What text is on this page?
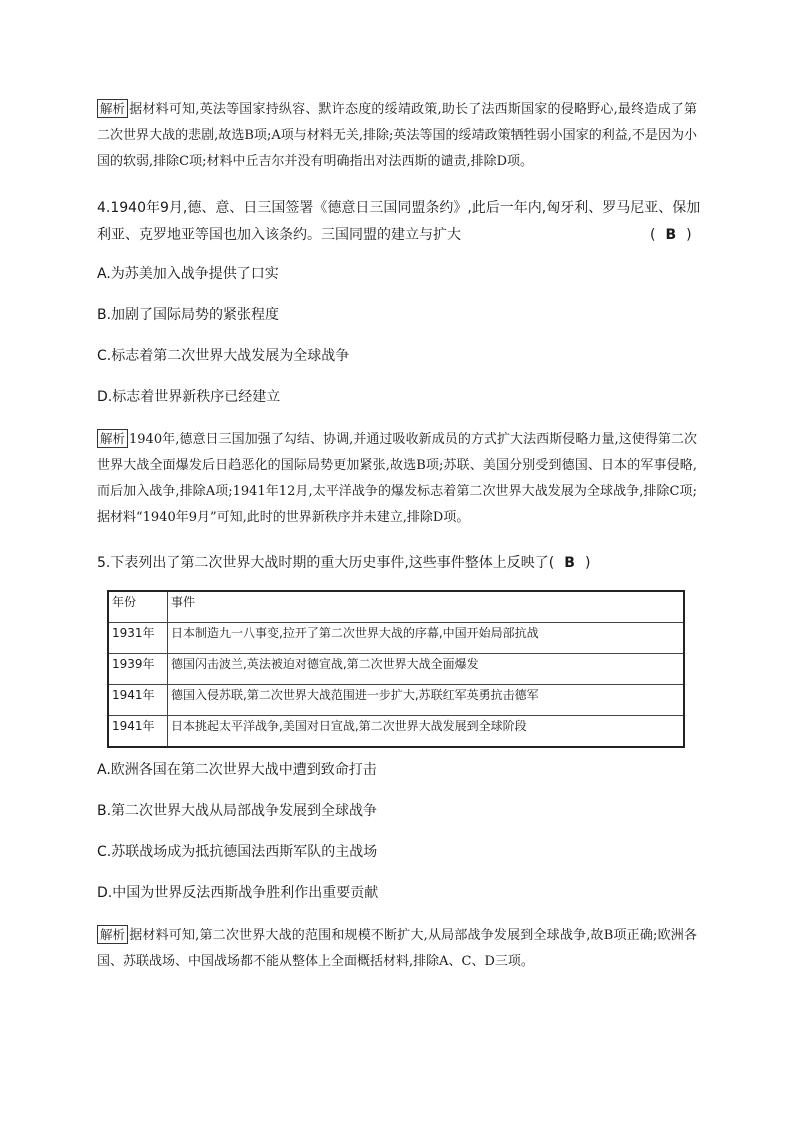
解析 据材料可知,英法等国家持纵容、默许态度的绥靖政策,助长了法西斯国家的侵略野心,最终造成了第二次世界大战的悲剧,故选B项;A项与材料无关,排除;英法等国的绥靖政策牺牲弱小国家的利益,不是因为小国的软弱,排除C项;材料中丘吉尔并没有明确指出对法西斯的谴责,排除D项。
4.1940年9月,德、意、日三国签署《德意日三国同盟条约》,此后一年内,匈牙利、罗马尼亚、保加利亚、克罗地亚等国也加入该条约。三国同盟的建立与扩大	( B )
A.为苏美加入战争提供了口实
B.加剧了国际局势的紧张程度
C.标志着第二次世界大战发展为全球战争
D.标志着世界新秩序已经建立
解析 1940年,德意日三国加强了勾结、协调,并通过吸收新成员的方式扩大法西斯侵略力量,这使得第二次世界大战全面爆发后日趋恶化的国际局势更加紧张,故选B项;苏联、美国分别受到德国、日本的军事侵略,而后加入战争,排除A项;1941年12月,太平洋战争的爆发标志着第二次世界大战发展为全球战争,排除C项;据材料“1940年9月”可知,此时的世界新秩序并未建立,排除D项。
5.下表列出了第二次世界大战时期的重大历史事件,这些事件整体上反映了( B )
年份	事件
1931年	日本制造九一八事变,拉开了第二次世界大战的序幕,中国开始局部抗战
1939年	德国闪击波兰,英法被迫对德宣战,第二次世界大战全面爆发
1941年	德国入侵苏联,第二次世界大战范围进一步扩大,苏联红军英勇抗击德军
1941年	日本挑起太平洋战争,美国对日宣战,第二次世界大战发展到全球阶段
A.欧洲各国在第二次世界大战中遭到致命打击
B.第二次世界大战从局部战争发展到全球战争
C.苏联战场成为抵抗德国法西斯军队的主战场
D.中国为世界反法西斯战争胜利作出重要贡献
解析 据材料可知,第二次世界大战的范围和规模不断扩大,从局部战争发展到全球战争,故B项正确;欧洲各国、苏联战场、中国战场都不能从整体上全面概括材料,排除A、C、D三项。
